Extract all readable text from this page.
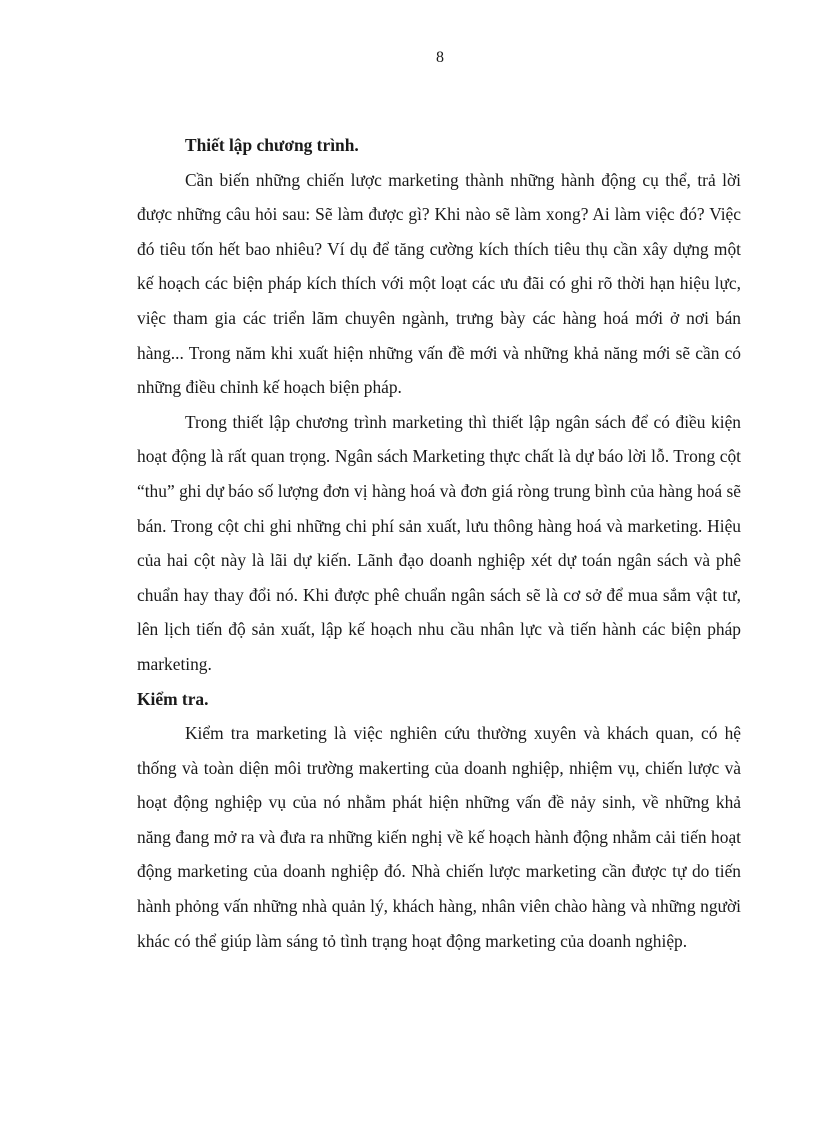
8

Thiết lập chương trình.

Cần biến những chiến lược marketing thành những hành động cụ thể, trả lời được những câu hỏi sau: Sẽ làm được gì? Khi nào sẽ làm xong? Ai làm việc đó? Việc đó tiêu tốn hết bao nhiêu? Ví dụ để tăng cường kích thích tiêu thụ cần xây dựng một kế hoạch các biện pháp kích thích với một loạt các ưu đãi có ghi rõ thời hạn hiệu lực, việc tham gia các triển lãm chuyên ngành, trưng bày các hàng hoá mới ở nơi bán hàng... Trong năm khi xuất hiện những vấn đề mới và những khả năng mới sẽ cần có những điều chỉnh kế hoạch biện pháp.

Trong thiết lập chương trình marketing thì thiết lập ngân sách để có điều kiện hoạt động là rất quan trọng. Ngân sách Marketing thực chất là dự báo lời lỗ. Trong cột “thu” ghi dự báo số lượng đơn vị hàng hoá và đơn giá ròng trung bình của hàng hoá sẽ bán. Trong cột chi ghi những chi phí sản xuất, lưu thông hàng hoá và marketing. Hiệu của hai cột này là lãi dự kiến. Lãnh đạo doanh nghiệp xét dự toán ngân sách và phê chuẩn hay thay đổi nó. Khi được phê chuẩn ngân sách sẽ là cơ sở để mua sắm vật tư, lên lịch tiến độ sản xuất, lập kế hoạch nhu cầu nhân lực và tiến hành các biện pháp marketing.

Kiểm tra.

Kiểm tra marketing là việc nghiên cứu thường xuyên và khách quan, có hệ thống và toàn diện môi trường makerting của doanh nghiệp, nhiệm vụ, chiến lược và hoạt động nghiệp vụ của nó nhằm phát hiện những vấn đề nảy sinh, về những khả năng đang mở ra và đưa ra những kiến nghị về kế hoạch hành động nhằm cải tiến hoạt động marketing của doanh nghiệp đó. Nhà chiến lược marketing cần được tự do tiến hành phỏng vấn những nhà quản lý, khách hàng, nhân viên chào hàng và những người khác có thể giúp làm sáng tỏ tình trạng hoạt động marketing của doanh nghiệp.
